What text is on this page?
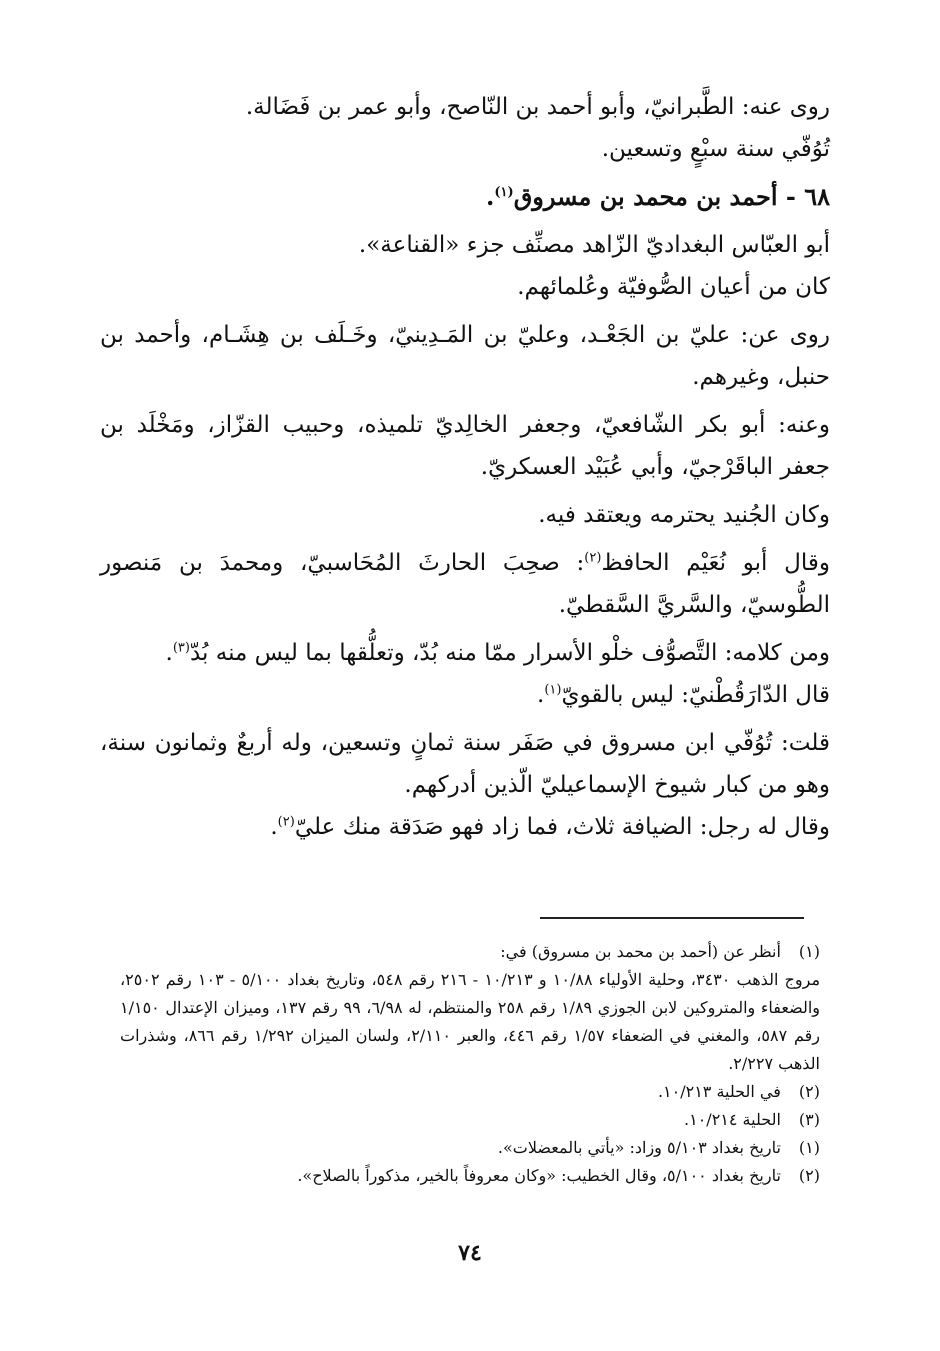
روى عنه: الطَّبرانيّ، وأبو أحمد بن النّاصح، وأبو عمر بن فَضَالة.
تُوُفّي سنة سبْعٍ وتسعين.

٦٨ - أحمد بن محمد بن مسروق$^{(١)}$.

أبو العبّاس البغداديّ الزّاهد مصنِّف جزء «القناعة».
كان من أعيان الصُّوفيّة وعُلمائهم.

روى عن: عليّ بن الجَعْـد، وعليّ بن المَـدِينيّ، وخَـلَف بن هِشَـام، وأحمد بن حنبل، وغيرهم.

وعنه: أبو بكر الشّافعيّ، وجعفر الخالِديّ تلميذه، وحبيب القزّاز، ومَخْلَد بن جعفر الباقَرْجيّ، وأبي عُبَيْد العسكريّ.

وكان الجُنيد يحترمه ويعتقد فيه.

وقال أبو نُعَيْم الحافظ$^{(٢)}$: صحِبَ الحارثَ المُحَاسبيّ، ومحمدَ بن مَنصور الطُّوسيّ، والسَّريَّ السَّقطيّ.

ومن كلامه: التَّصوُّف خلْو الأسرار ممّا منه بُدّ، وتعلُّقها بما ليس منه بُدّ$^{(٣)}$.
قال الدّارَقُطْنيّ: ليس بالقويّ$^{(١)}$.

قلت: تُوُفّي ابن مسروق في صَفَر سنة ثمانٍ وتسعين، وله أربعٌ وثمانون سنة، وهو من كبار شيوخ الإسماعيليّ الّذين أدركهم.
وقال له رجل: الضيافة ثلاث، فما زاد فهو صَدَقة منك عليّ$^{(٢)}$.

(١) أنظر عن (أحمد بن محمد بن مسروق) في:
مروج الذهب ٣٤٣٠، وحلية الأولياء ١٠/٨٨ و ١٠/٢١٣ - ٢١٦ رقم ٥٤٨، وتاريخ بغداد ٥/١٠٠ - ١٠٣ رقم ٢٥٠٢، والضعفاء والمتروكين لابن الجوزي ١/٨٩ رقم ٢٥٨ والمنتظم، له ٦/٩٨، ٩٩ رقم ١٣٧، وميزان الإعتدال ١/١٥٠ رقم ٥٨٧، والمغني في الضعفاء ١/٥٧ رقم ٤٤٦، والعبر ٢/١١٠، ولسان الميزان ١/٢٩٢ رقم ٨٦٦، وشذرات الذهب ٢/٢٢٧.
(٢) في الحلية ١٠/٢١٣.
(٣) الحلية ١٠/٢١٤.
(١) تاريخ بغداد ٥/١٠٣ وزاد: «يأتي بالمعضلات».
(٢) تاريخ بغداد ٥/١٠٠، وقال الخطيب: «وكان معروفاً بالخير، مذكوراً بالصلاح».
٧٤
